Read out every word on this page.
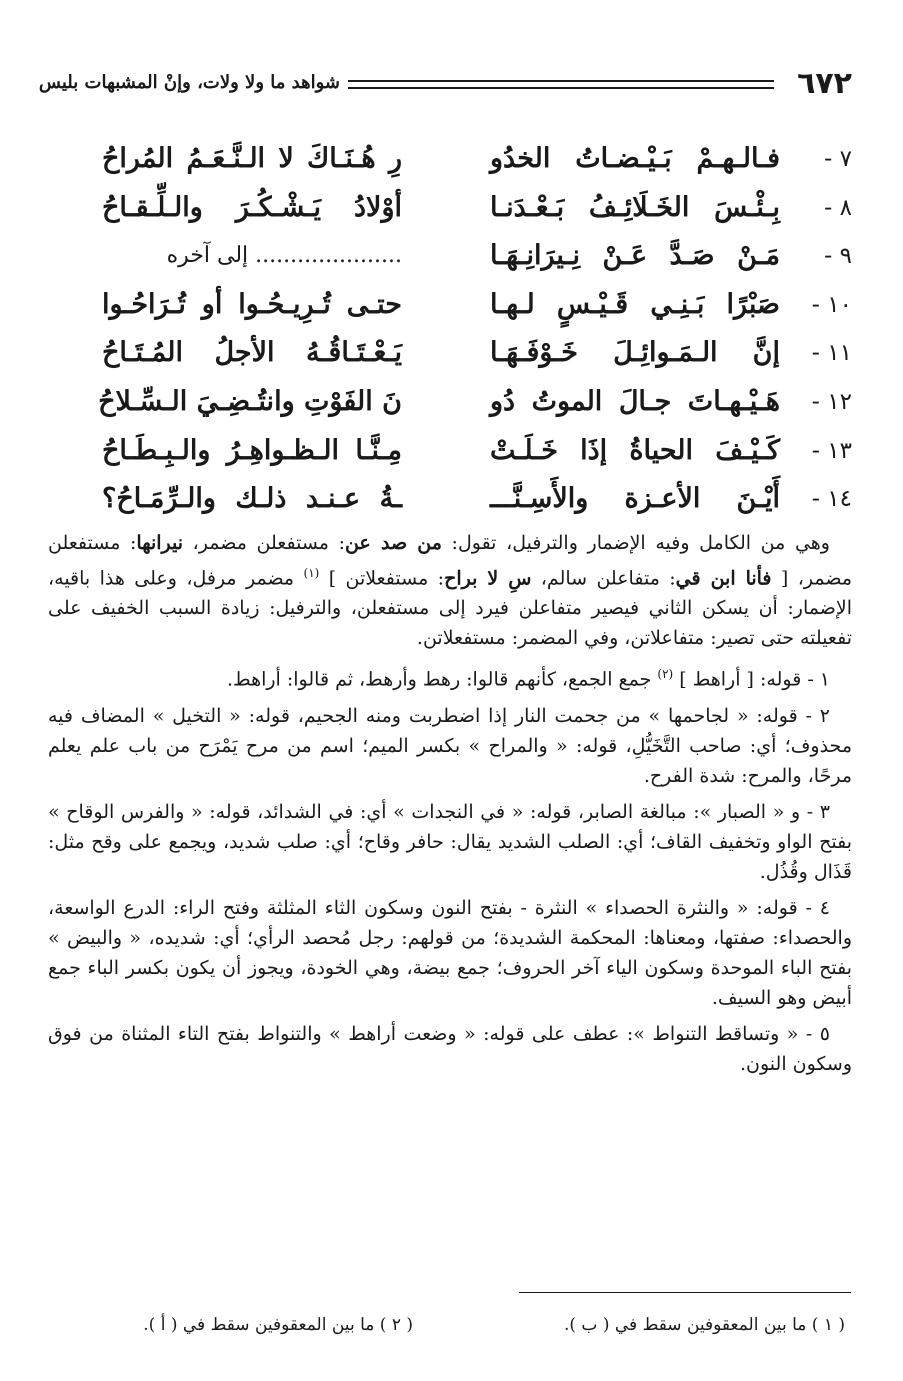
٦٧٢
شواهد ما ولا ولات، وإنْ المشبهات بليس
٧ -
فـالـهـمْ بَـيْـضـاتُ الخدُو
رِ هُـنَـاكَ لا الـنَّـعَـمُ المُراحُ
٨ -
بِـئْـسَ الخَـلَائِـفُ بَـعْـدَنـا
أوْلادُ يَـشْـكُـرَ والـلِّـقـاحُ
٩ -
مَـنْ صَـدَّ عَـنْ نِـيرَانِـهَـا
..................... إلى آخره
١٠ -
صَبْرًا بَـنِـي قَـيْـسٍ لـهـا
حتـى تُـرِيـحُـوا أو تُـرَاحُـوا
١١ -
إنَّ الـمَـوائِـلَ خَـوْفَـهَـا
يَـعْـتَـاقُـهُ الأجلُ المُـتَـاحُ
١٢ -
هَـيْـهـاتَ جـالَ الموتُ دُو
نَ الفَوْتِ وانتُـضِـيَ الـسِّـلاحُ
١٣ -
كَـيْـفَ الحياةُ إذَا خَـلَـتْ
مِـنَّـا الـظـواهِـرُ والـبِـطَـاحُ
١٤ -
أَيْـنَ الأعـزة والأَسِـنَّـــ
ـةُ عـنـد ذلـك والـرِّمَـاحُ؟

وهي من الكامل وفيه الإضمار والترفيل، تقول: من صد عن: مستفعلن مضمر، نيرانها: مستفعلن مضمر، [ فأنا ابن قي: متفاعلن سالم، سِ لا براح: مستفعلاتن ] $^{(١)}$ مضمر مرفل، وعلى هذا باقيه، الإضمار: أن يسكن الثاني فيصير متفاعلن فيرد إلى مستفعلن، والترفيل: زيادة السبب الخفيف على تفعيلته حتى تصير: متفاعلاتن، وفي المضمر: مستفعلاتن.

١ - قوله: [ أراهط ] $^{(٢)}$ جمع الجمع، كأنهم قالوا: رهط وأرهط، ثم قالوا: أراهط.

٢ - قوله: « لجاحمها » من جحمت النار إذا اضطربت ومنه الجحيم، قوله: « التخيل » المضاف فيه محذوف؛ أي: صاحب التَّخَيُّلِ، قوله: « والمراح » بكسر الميم؛ اسم من مرح يَمْرَح من باب علم يعلم مرحًا، والمرح: شدة الفرح.

٣ - و « الصبار »: مبالغة الصابر، قوله: « في النجدات » أي: في الشدائد، قوله: « والفرس الوقاح » بفتح الواو وتخفيف القاف؛ أي: الصلب الشديد يقال: حافر وقاح؛ أي: صلب شديد، ويجمع على وقح مثل: قَذَال وقُذُل.

٤ - قوله: « والنثرة الحصداء » النثرة - بفتح النون وسكون الثاء المثلثة وفتح الراء: الدرع الواسعة، والحصداء: صفتها، ومعناها: المحكمة الشديدة؛ من قولهم: رجل مُحصد الرأي؛ أي: شديده، « والبيض » بفتح الباء الموحدة وسكون الياء آخر الحروف؛ جمع بيضة، وهي الخودة، ويجوز أن يكون بكسر الباء جمع أبيض وهو السيف.

٥ - « وتساقط التنواط »: عطف على قوله: « وضعت أراهط » والتنواط بفتح التاء المثناة من فوق وسكون النون.

( ١ ) ما بين المعقوفين سقط في ( ب ).
( ٢ ) ما بين المعقوفين سقط في ( أ ).
